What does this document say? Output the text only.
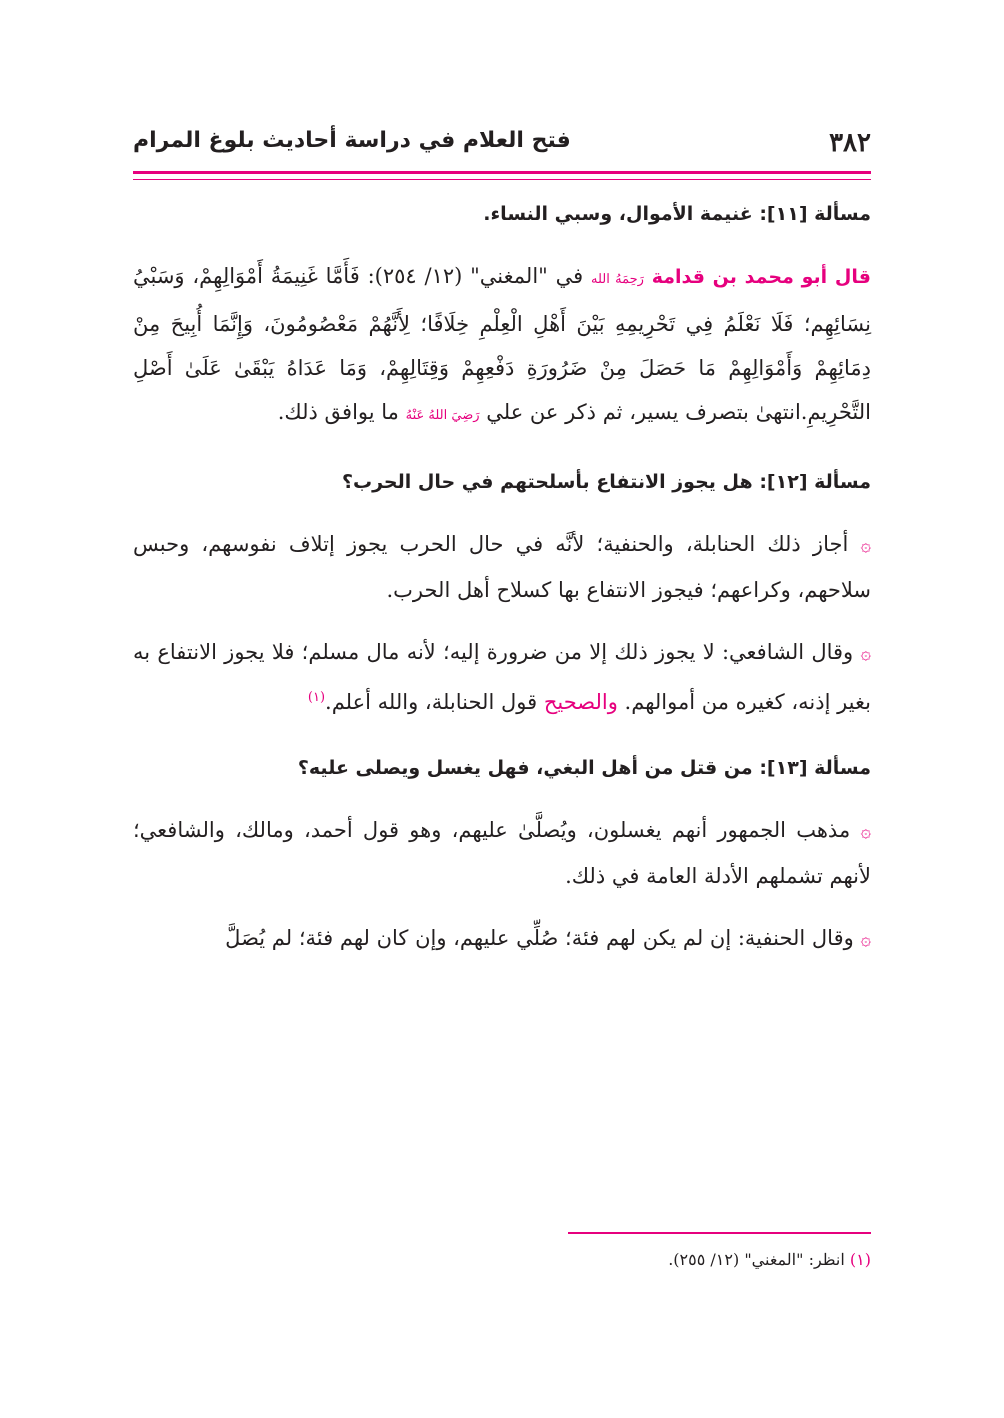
٣٨٢
فتح العلام في دراسة أحاديث بلوغ المرام
مسألة [١١]: غنيمة الأموال، وسبي النساء.

قال أبو محمد بن قدامة رَحِمَهُ الله في "المغني" (١٢/ ٢٥٤): فَأَمَّا غَنِيمَةُ أَمْوَالِهِمْ، وَسَبْيُ نِسَائِهِم؛ فَلَا نَعْلَمُ فِي تَحْرِيمِهِ بَيْنَ أَهْلِ الْعِلْمِ خِلَافًا؛ لِأَنَّهُمْ مَعْصُومُونَ، وَإِنَّمَا أُبِيحَ مِنْ دِمَائِهِمْ وَأَمْوَالِهِمْ مَا حَصَلَ مِنْ ضَرُورَةِ دَفْعِهِمْ وَقِتَالِهِمْ، وَمَا عَدَاهُ يَبْقَىٰ عَلَىٰ أَصْلِ التَّحْرِيمِ.انتهىٰ بتصرف يسير، ثم ذكر عن علي رَضِيَ اللهُ عَنْهُ ما يوافق ذلك.

مسألة [١٢]: هل يجوز الانتفاع بأسلحتهم في حال الحرب؟

۞ أجاز ذلك الحنابلة، والحنفية؛ لأنَّه في حال الحرب يجوز إتلاف نفوسهم، وحبس سلاحهم، وكراعهم؛ فيجوز الانتفاع بها كسلاح أهل الحرب.

۞ وقال الشافعي: لا يجوز ذلك إلا من ضرورة إليه؛ لأنه مال مسلم؛ فلا يجوز الانتفاع به بغير إذنه، كغيره من أموالهم. والصحيح قول الحنابلة، والله أعلم.$^{(١)}$

مسألة [١٣]: من قتل من أهل البغي، فهل يغسل ويصلى عليه؟

۞ مذهب الجمهور أنهم يغسلون، ويُصلَّىٰ عليهم، وهو قول أحمد، ومالك، والشافعي؛ لأنهم تشملهم الأدلة العامة في ذلك.

۞ وقال الحنفية: إن لم يكن لهم فئة؛ صُلِّي عليهم، وإن كان لهم فئة؛ لم يُصَلَّ

(١) انظر: "المغني" (١٢/ ٢٥٥).
